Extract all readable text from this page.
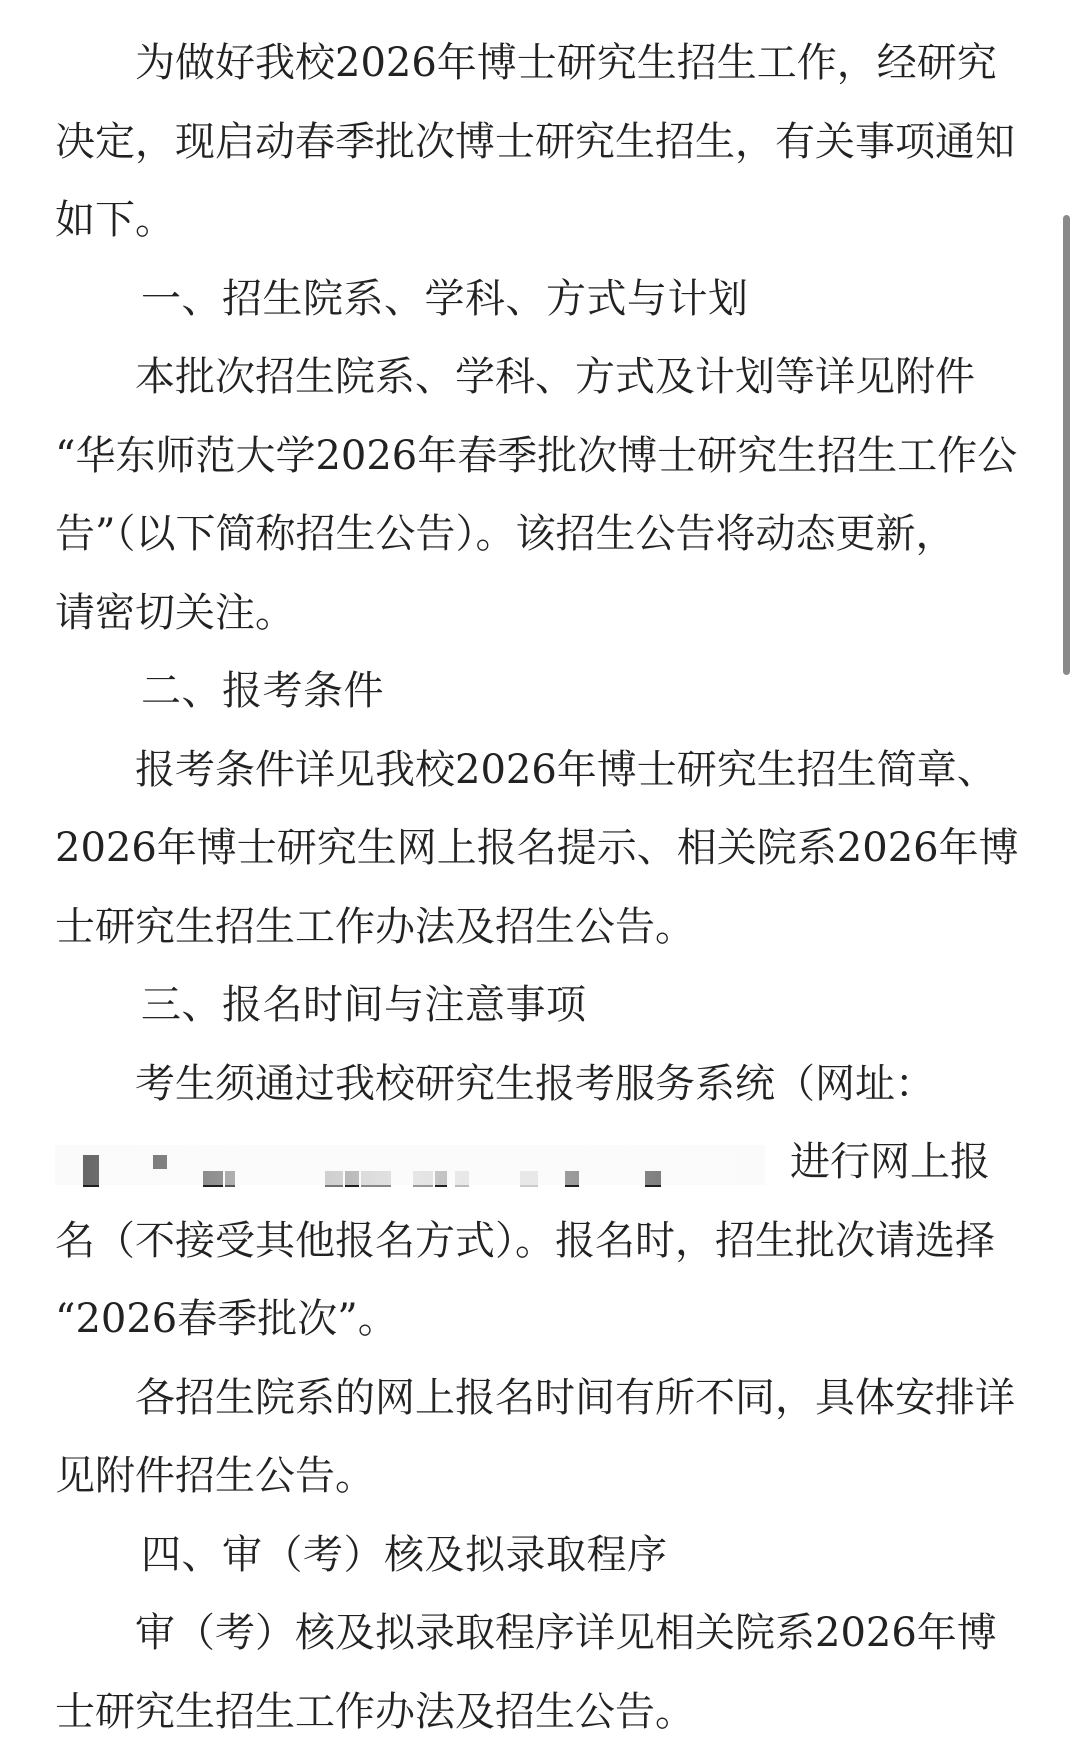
为做好我校2026年博士研究生招生工作，经研究

决定，现启动春季批次博士研究生招生，有关事项通知

如下。

一、招生院系、学科、方式与计划

本批次招生院系、学科、方式及计划等详见附件

“华东师范大学2026年春季批次博士研究生招生工作公

告”（以下简称招生公告）。该招生公告将动态更新，

请密切关注。

二、报考条件

报考条件详见我校2026年博士研究生招生简章、

2026年博士研究生网上报名提示、相关院系2026年博

士研究生招生工作办法及招生公告。

三、报名时间与注意事项

考生须通过我校研究生报考服务系统（网址：

进行网上报

名（不接受其他报名方式）。报名时，招生批次请选择

“2026春季批次”。

各招生院系的网上报名时间有所不同，具体安排详

见附件招生公告。

四、审（考）核及拟录取程序

审（考）核及拟录取程序详见相关院系2026年博

士研究生招生工作办法及招生公告。
